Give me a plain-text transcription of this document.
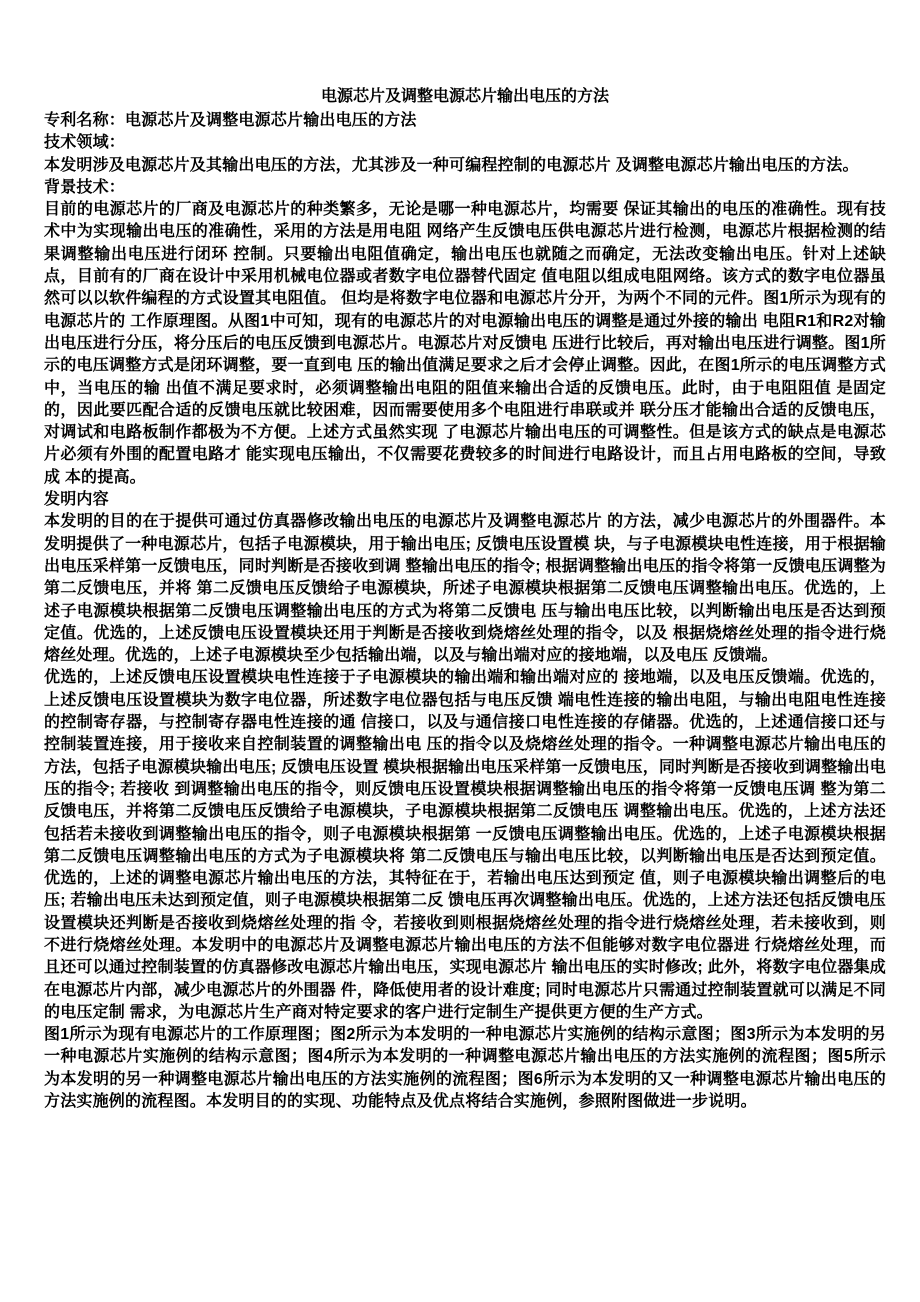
电源芯片及调整电源芯片输出电压的方法

专利名称：电源芯片及调整电源芯片输出电压的方法

技术领域：

本发明涉及电源芯片及其输出电压的方法，尤其涉及一种可编程控制的电源芯片 及调整电源芯片输出电压的方法。

背景技术：

目前的电源芯片的厂商及电源芯片的种类繁多，无论是哪一种电源芯片，均需要 保证其输出的电压的准确性。现有技术中为实现输出电压的准确性，采用的方法是用电阻 网络产生反馈电压供电源芯片进行检测，电源芯片根据检测的结果调整输出电压进行闭环 控制。只要输出电阻值确定，输出电压也就随之而确定，无法改变输出电压。针对上述缺点，目前有的厂商在设计中采用机械电位器或者数字电位器替代固定 值电阻以组成电阻网络。该方式的数字电位器虽然可以以软件编程的方式设置其电阻值。 但均是将数字电位器和电源芯片分开，为两个不同的元件。图1所示为现有的电源芯片的 工作原理图。从图1中可知，现有的电源芯片的对电源输出电压的调整是通过外接的输出 电阻R1和R2对输出电压进行分压，将分压后的电压反馈到电源芯片。电源芯片对反馈电 压进行比较后，再对输出电压进行调整。图1所示的电压调整方式是闭环调整，要一直到电 压的输出值满足要求之后才会停止调整。因此，在图1所示的电压调整方式中，当电压的输 出值不满足要求时，必须调整输出电阻的阻值来输出合适的反馈电压。此时，由于电阻阻值 是固定的，因此要匹配合适的反馈电压就比较困难，因而需要使用多个电阻进行串联或并 联分压才能输出合适的反馈电压，对调试和电路板制作都极为不方便。上述方式虽然实现 了电源芯片输出电压的可调整性。但是该方式的缺点是电源芯片必须有外围的配置电路才 能实现电压输出，不仅需要花费较多的时间进行电路设计，而且占用电路板的空间，导致成 本的提高。

发明内容

本发明的目的在于提供可通过仿真器修改输出电压的电源芯片及调整电源芯片 的方法，减少电源芯片的外围器件。本发明提供了一种电源芯片，包括子电源模块，用于输出电压; 反馈电压设置模 块，与子电源模块电性连接，用于根据输出电压采样第一反馈电压，同时判断是否接收到调 整输出电压的指令; 根据调整输出电压的指令将第一反馈电压调整为第二反馈电压，并将 第二反馈电压反馈给子电源模块，所述子电源模块根据第二反馈电压调整输出电压。优选的，上述子电源模块根据第二反馈电压调整输出电压的方式为将第二反馈电 压与输出电压比较，以判断输出电压是否达到预定值。优选的，上述反馈电压设置模块还用于判断是否接收到烧熔丝处理的指令，以及 根据烧熔丝处理的指令进行烧熔丝处理。优选的，上述子电源模块至少包括输出端，以及与输出端对应的接地端，以及电压 反馈端。

优选的，上述反馈电压设置模块电性连接于子电源模块的输出端和输出端对应的 接地端，以及电压反馈端。优选的，上述反馈电压设置模块为数字电位器，所述数字电位器包括与电压反馈 端电性连接的输出电阻，与输出电阻电性连接的控制寄存器，与控制寄存器电性连接的通 信接口，以及与通信接口电性连接的存储器。优选的，上述通信接口还与控制装置连接，用于接收来自控制装置的调整输出电 压的指令以及烧熔丝处理的指令。一种调整电源芯片输出电压的方法，包括子电源模块输出电压; 反馈电压设置 模块根据输出电压采样第一反馈电压，同时判断是否接收到调整输出电压的指令; 若接收 到调整输出电压的指令，则反馈电压设置模块根据调整输出电压的指令将第一反馈电压调 整为第二反馈电压，并将第二反馈电压反馈给子电源模块，子电源模块根据第二反馈电压 调整输出电压。优选的，上述方法还包括若未接收到调整输出电压的指令，则子电源模块根据第 一反馈电压调整输出电压。优选的，上述子电源模块根据第二反馈电压调整输出电压的方式为子电源模块将 第二反馈电压与输出电压比较，以判断输出电压是否达到预定值。优选的，上述的调整电源芯片输出电压的方法，其特征在于，若输出电压达到预定 值，则子电源模块输出调整后的电压; 若输出电压未达到预定值，则子电源模块根据第二反 馈电压再次调整输出电压。优选的，上述方法还包括反馈电压设置模块还判断是否接收到烧熔丝处理的指 令，若接收到则根据烧熔丝处理的指令进行烧熔丝处理，若未接收到，则不进行烧熔丝处理。本发明中的电源芯片及调整电源芯片输出电压的方法不但能够对数字电位器进 行烧熔丝处理，而且还可以通过控制装置的仿真器修改电源芯片输出电压，实现电源芯片 输出电压的实时修改; 此外，将数字电位器集成在电源芯片内部，减少电源芯片的外围器 件，降低使用者的设计难度; 同时电源芯片只需通过控制装置就可以满足不同的电压定制 需求，为电源芯片生产商对特定要求的客户进行定制生产提供更方便的生产方式。

图1所示为现有电源芯片的工作原理图；图2所示为本发明的一种电源芯片实施例的结构示意图；图3所示为本发明的另一种电源芯片实施例的结构示意图；图4所示为本发明的一种调整电源芯片输出电压的方法实施例的流程图；图5所示为本发明的另一种调整电源芯片输出电压的方法实施例的流程图；图6所示为本发明的又一种调整电源芯片输出电压的方法实施例的流程图。本发明目的的实现、功能特点及优点将结合实施例，参照附图做进一步说明。
